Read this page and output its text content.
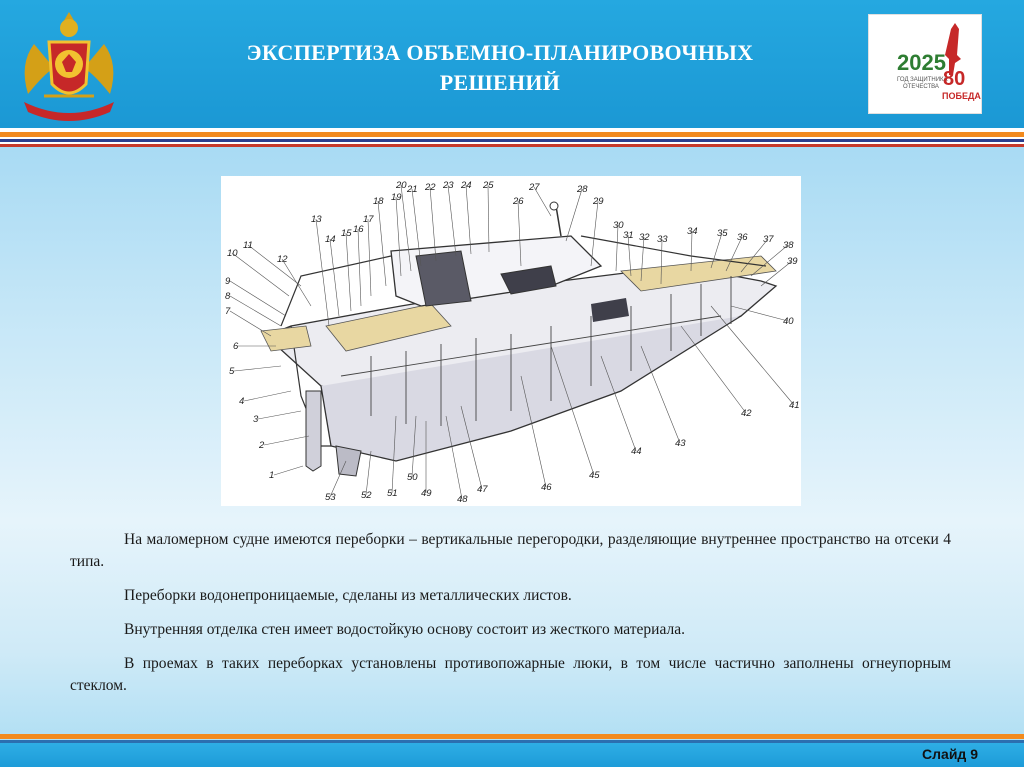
ЭКСПЕРТИЗА ОБЪЕМНО-ПЛАНИРОВОЧНЫХ
РЕШЕНИЙ
2025
ГОД ЗАЩИТНИКА
ОТЕЧЕСТВА 80
ПОБЕДА!
1
2
3
4
5
6
7
8
9
10
11
12
13
14
15 16
17
18 19
20 21 22 23 24 25
26
27	28
29
30
31 32 33
34 35 36 37
38
39
40
41
42
43
44
45
46
47
48
49
50
51
52
53

На маломерном судне имеются переборки – вертикальные перегородки, разделяющие внутреннее пространство на отсеки 4 типа.

Переборки водонепроницаемые, сделаны из металлических листов.

Внутренняя отделка стен имеет водостойкую основу состоит из жесткого материала.

В проемах в таких переборках установлены противопожарные люки, в том числе частично заполнены огнеупорным стеклом.

Слайд 9
